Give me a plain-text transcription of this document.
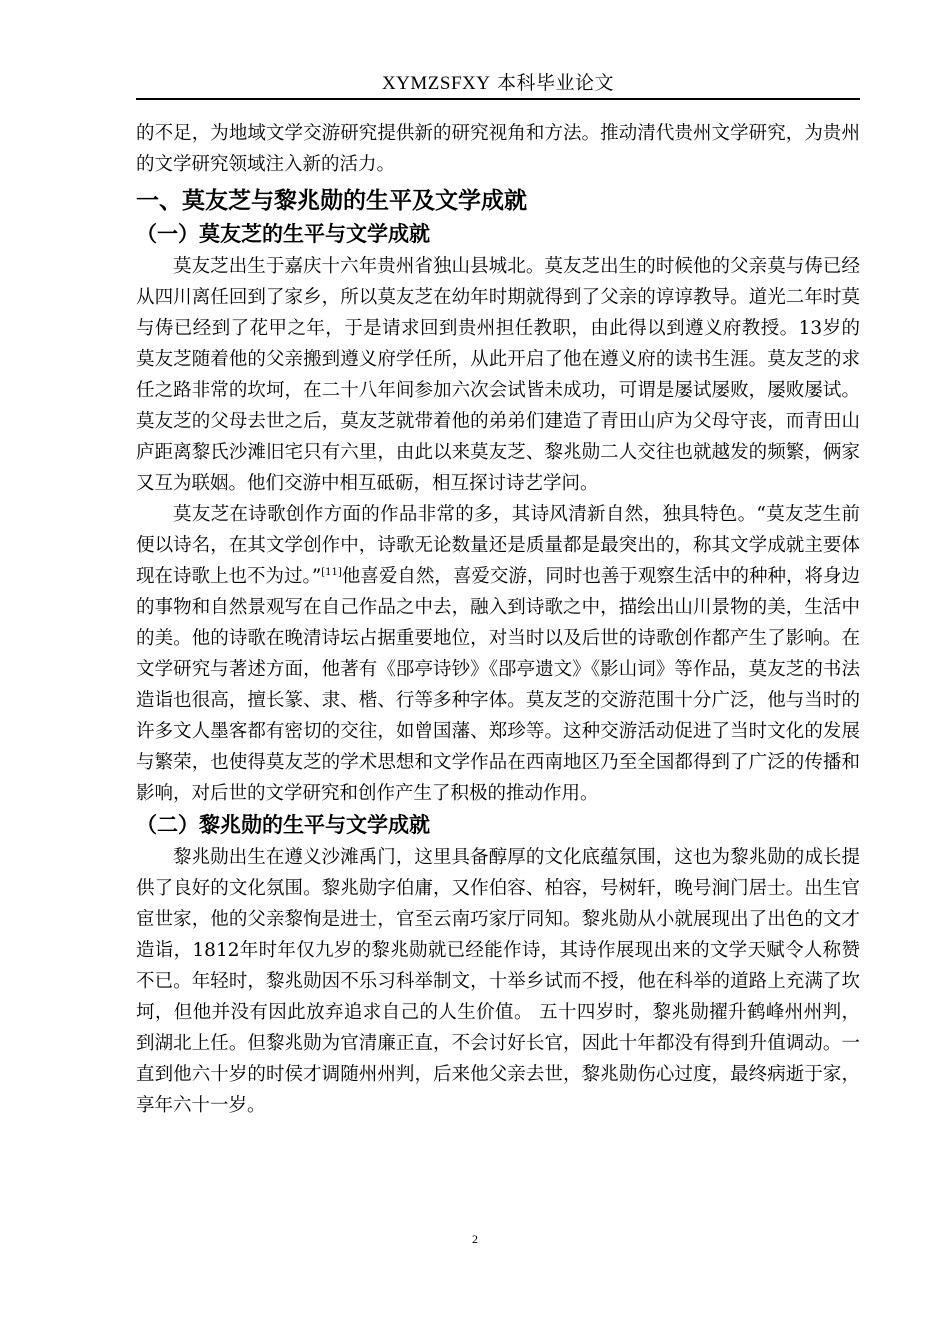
XYMZSFXY 本科毕业论文

的不足，为地域文学交游研究提供新的研究视角和方法。推动清代贵州文学研究，为贵州的文学研究领域注入新的活力。

一、莫友芝与黎兆勋的生平及文学成就
（一）莫友芝的生平与文学成就

莫友芝出生于嘉庆十六年贵州省独山县城北。莫友芝出生的时候他的父亲莫与俦已经从四川离任回到了家乡，所以莫友芝在幼年时期就得到了父亲的谆谆教导。道光二年时莫与俦已经到了花甲之年，于是请求回到贵州担任教职，由此得以到遵义府教授。13岁的莫友芝随着他的父亲搬到遵义府学任所，从此开启了他在遵义府的读书生涯。莫友芝的求任之路非常的坎坷，在二十八年间参加六次会试皆未成功，可谓是屡试屡败，屡败屡试。莫友芝的父母去世之后，莫友芝就带着他的弟弟们建造了青田山庐为父母守丧，而青田山庐距离黎氏沙滩旧宅只有六里，由此以来莫友芝、黎兆勋二人交往也就越发的频繁，俩家又互为联姻。他们交游中相互砥砺，相互探讨诗艺学问。

莫友芝在诗歌创作方面的作品非常的多，其诗风清新自然，独具特色。“莫友芝生前便以诗名，在其文学创作中，诗歌无论数量还是质量都是最突出的，称其文学成就主要体现在诗歌上也不为过。”[11]他喜爱自然，喜爱交游，同时也善于观察生活中的种种，将身边的事物和自然景观写在自己作品之中去，融入到诗歌之中，描绘出山川景物的美，生活中的美。他的诗歌在晚清诗坛占据重要地位，对当时以及后世的诗歌创作都产生了影响。在文学研究与著述方面，他著有《郘亭诗钞》《郘亭遗文》《影山词》等作品，莫友芝的书法造诣也很高，擅长篆、隶、楷、行等多种字体。莫友芝的交游范围十分广泛，他与当时的许多文人墨客都有密切的交往，如曾国藩、郑珍等。这种交游活动促进了当时文化的发展与繁荣，也使得莫友芝的学术思想和文学作品在西南地区乃至全国都得到了广泛的传播和影响，对后世的文学研究和创作产生了积极的推动作用。

（二）黎兆勋的生平与文学成就

黎兆勋出生在遵义沙滩禹门，这里具备醇厚的文化底蕴氛围，这也为黎兆勋的成长提供了良好的文化氛围。黎兆勋字伯庸，又作伯容、柏容，号树轩，晚号涧门居士。出生官宦世家，他的父亲黎恂是进士，官至云南巧家厅同知。黎兆勋从小就展现出了出色的文才造诣，1812年时年仅九岁的黎兆勋就已经能作诗，其诗作展现出来的文学天赋令人称赞不已。年轻时，黎兆勋因不乐习科举制文，十举乡试而不授，他在科举的道路上充满了坎坷，但他并没有因此放弃追求自己的人生价值。 五十四岁时，黎兆勋擢升鹤峰州州判，到湖北上任。但黎兆勋为官清廉正直，不会讨好长官，因此十年都没有得到升值调动。一直到他六十岁的时侯才调随州州判，后来他父亲去世，黎兆勋伤心过度，最终病逝于家，享年六十一岁。

2
